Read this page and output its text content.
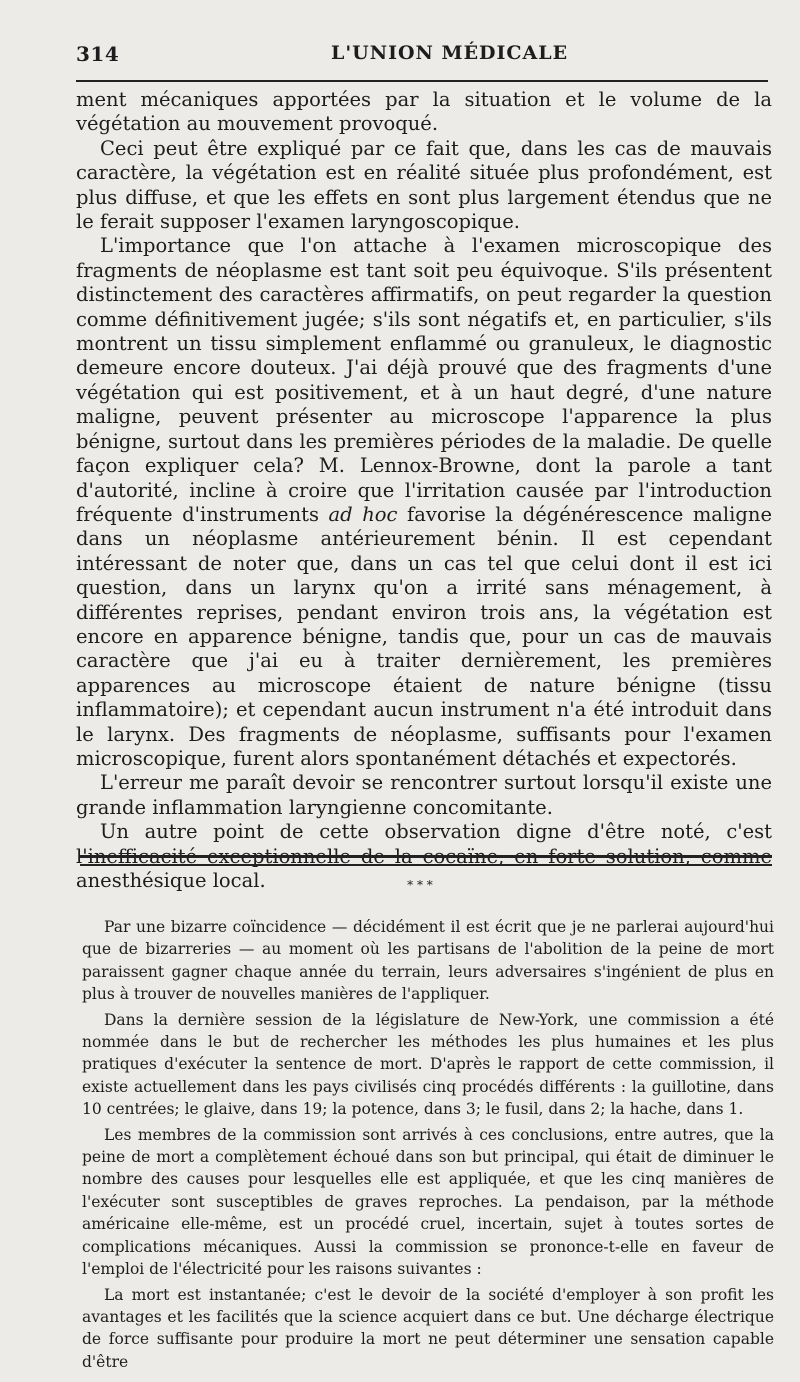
314	L'UNION MÉDICALE

ment mécaniques apportées par la situation et le volume de la végétation au mouvement provoqué.

Ceci peut être expliqué par ce fait que, dans les cas de mauvais caractère, la végétation est en réalité située plus profondément, est plus diffuse, et que les effets en sont plus largement étendus que ne le ferait supposer l'examen laryngoscopique.

L'importance que l'on attache à l'examen microscopique des fragments de néoplasme est tant soit peu équivoque. S'ils présentent distinctement des caractères affirmatifs, on peut regarder la question comme définitivement jugée; s'ils sont négatifs et, en particulier, s'ils montrent un tissu simplement enflammé ou granuleux, le diagnostic demeure encore douteux. J'ai déjà prouvé que des fragments d'une végétation qui est positivement, et à un haut degré, d'une nature maligne, peuvent présenter au microscope l'apparence la plus bénigne, surtout dans les premières périodes de la maladie. De quelle façon expliquer cela? M. Lennox-Browne, dont la parole a tant d'autorité, incline à croire que l'irritation causée par l'introduction fréquente d'instruments ad hoc favorise la dégénérescence maligne dans un néoplasme antérieurement bénin. Il est cependant intéressant de noter que, dans un cas tel que celui dont il est ici question, dans un larynx qu'on a irrité sans ménagement, à différentes reprises, pendant environ trois ans, la végétation est encore en apparence bénigne, tandis que, pour un cas de mauvais caractère que j'ai eu à traiter dernièrement, les premières apparences au microscope étaient de nature bénigne (tissu inflammatoire); et cependant aucun instrument n'a été introduit dans le larynx. Des fragments de néoplasme, suffisants pour l'examen microscopique, furent alors spontanément détachés et expectorés.

L'erreur me paraît devoir se rencontrer surtout lorsqu'il existe une grande inflammation laryngienne concomitante.

Un autre point de cette observation digne d'être noté, c'est l'inefficacité exceptionnelle de la cocaïne, en forte solution, comme anesthésique local.	* * *

Par une bizarre coïncidence — décidément il est écrit que je ne parlerai aujourd'hui que de bizarreries — au moment où les partisans de l'abolition de la peine de mort paraissent gagner chaque année du terrain, leurs adversaires s'ingénient de plus en plus à trouver de nouvelles manières de l'appliquer.

Dans la dernière session de la législature de New-York, une commission a été nommée dans le but de rechercher les méthodes les plus humaines et les plus pratiques d'exécuter la sentence de mort. D'après le rapport de cette commission, il existe actuellement dans les pays civilisés cinq procédés différents : la guillotine, dans 10 centrées; le glaive, dans 19; la potence, dans 3; le fusil, dans 2; la hache, dans 1.

Les membres de la commission sont arrivés à ces conclusions, entre autres, que la peine de mort a complètement échoué dans son but principal, qui était de diminuer le nombre des causes pour lesquelles elle est appliquée, et que les cinq manières de l'exécuter sont susceptibles de graves reproches. La pendaison, par la méthode américaine elle-même, est un procédé cruel, incertain, sujet à toutes sortes de complications mécaniques. Aussi la commission se prononce-t-elle en faveur de l'emploi de l'électricité pour les raisons suivantes :

La mort est instantanée; c'est le devoir de la société d'employer à son profit les avantages et les facilités que la science acquiert dans ce but. Une décharge électrique de force suffisante pour produire la mort ne peut déterminer une sensation capable d'être
